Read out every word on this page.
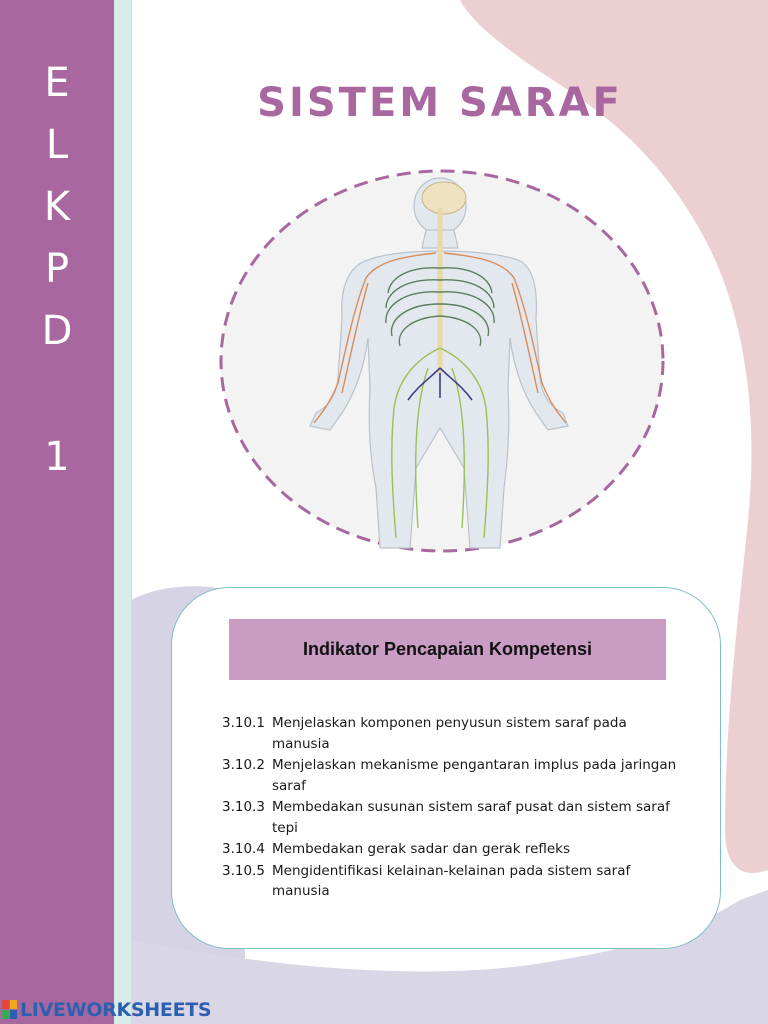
E
L
K
P
D
1
SISTEM SARAF
Indikator Pencapaian Kompetensi
3.10.1 Menjelaskan komponen penyusun sistem saraf pada manusia
3.10.2 Menjelaskan mekanisme pengantaran implus pada jaringan saraf
3.10.3 Membedakan susunan sistem saraf pusat dan sistem saraf tepi
3.10.4 Membedakan gerak sadar dan gerak refleks
3.10.5 Mengidentifikasi kelainan-kelainan pada sistem saraf manusia
LIVEWORKSHEETS
